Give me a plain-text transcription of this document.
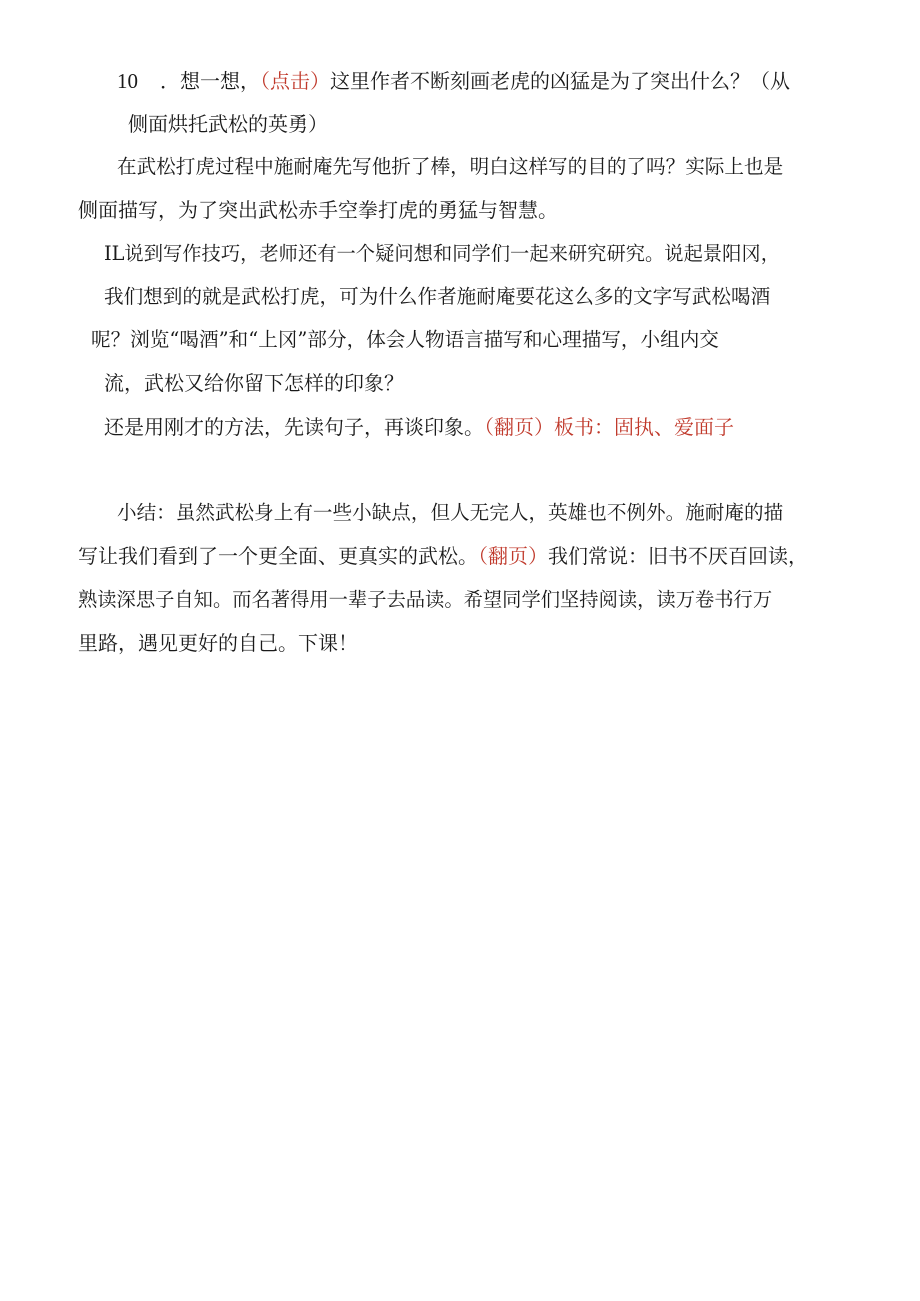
10 ．想一想，（点击）这里作者不断刻画老虎的凶猛是为了突出什么？（从
侧面烘托武松的英勇）
在武松打虎过程中施耐庵先写他折了棒，明白这样写的目的了吗？实际上也是
侧面描写，为了突出武松赤手空拳打虎的勇猛与智慧。
IL说到写作技巧，老师还有一个疑问想和同学们一起来研究研究。说起景阳冈，
我们想到的就是武松打虎，可为什么作者施耐庵要花这么多的文字写武松喝酒
呢？浏览“喝酒”和“上冈”部分，体会人物语言描写和心理描写，小组内交
流，武松又给你留下怎样的印象？
还是用刚才的方法，先读句子，再谈印象。（翻页）板书：固执、爱面子
小结：虽然武松身上有一些小缺点，但人无完人，英雄也不例外。施耐庵的描
写让我们看到了一个更全面、更真实的武松。（翻页）我们常说：旧书不厌百回读，
熟读深思子自知。而名著得用一辈子去品读。希望同学们坚持阅读，读万卷书行万
里路，遇见更好的自己。下课！
